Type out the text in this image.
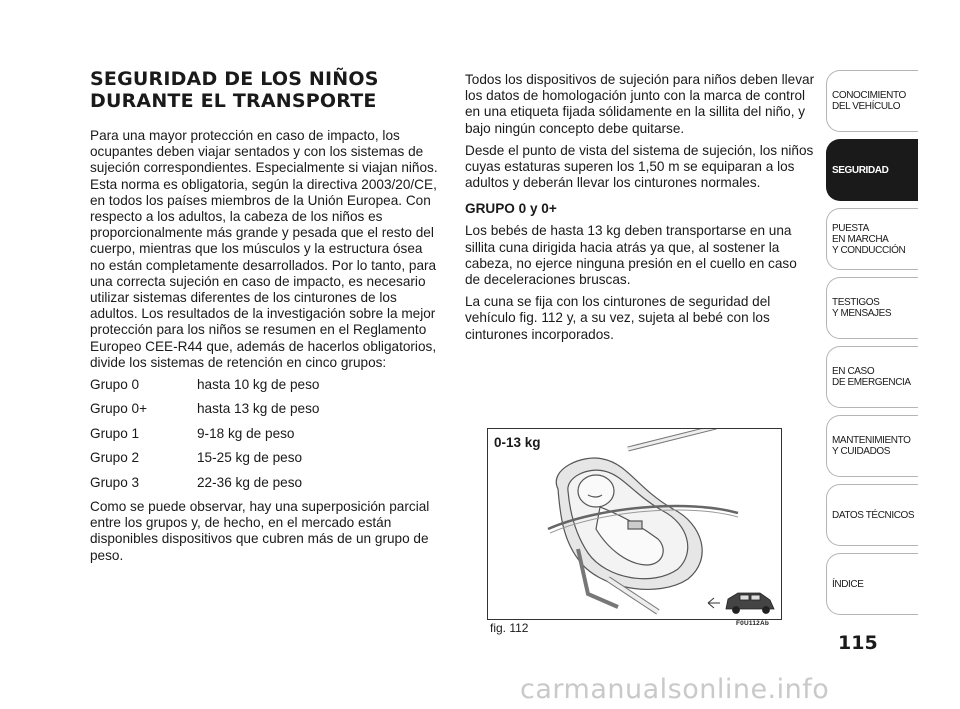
SEGURIDAD DE LOS NIÑOS
DURANTE EL TRANSPORTE

Para una mayor protección en caso de impacto, los ocupantes deben viajar sentados y con los sistemas de sujeción correspondientes. Especialmente si viajan niños. Esta norma es obligatoria, según la directiva 2003/20/CE, en todos los países miembros de la Unión Europea. Con respecto a los adultos, la cabeza de los niños es proporcionalmente más grande y pesada que el resto del cuerpo, mientras que los músculos y la estructura ósea no están completamente desarrollados. Por lo tanto, para una correcta sujeción en caso de impacto, es necesario utilizar sistemas diferentes de los cinturones de los adultos. Los resultados de la investigación sobre la mejor protección para los niños se resumen en el Reglamento Europeo CEE-R44 que, además de hacerlos obligatorios, divide los sistemas de retención en cinco grupos:

Grupo 0	hasta 10 kg de peso
Grupo 0+	hasta 13 kg de peso
Grupo 1	9-18 kg de peso
Grupo 2	15-25 kg de peso
Grupo 3	22-36 kg de peso

Como se puede observar, hay una superposición parcial entre los grupos y, de hecho, en el mercado están disponibles dispositivos que cubren más de un grupo de peso.

Todos los dispositivos de sujeción para niños deben llevar los datos de homologación junto con la marca de control en una etiqueta fijada sólidamente en la sillita del niño, y bajo ningún concepto debe quitarse.

Desde el punto de vista del sistema de sujeción, los niños cuyas estaturas superen los 1,50 m se equiparan a los adultos y deberán llevar los cinturones normales.

GRUPO 0 y 0+

Los bebés de hasta 13 kg deben transportarse en una sillita cuna dirigida hacia atrás ya que, al sostener la cabeza, no ejerce ninguna presión en el cuello en caso de deceleraciones bruscas.

La cuna se fija con los cinturones de seguridad del vehículo fig. 112 y, a su vez, sujeta al bebé con los cinturones incorporados.

0-13 kg
fig. 112	F0U112Ab
CONOCIMIENTO
DEL VEHÍCULO
SEGURIDAD
PUESTA
EN MARCHA
Y CONDUCCIÓN
TESTIGOS
Y MENSAJES
EN CASO
DE EMERGENCIA
MANTENIMIENTO
Y CUIDADOS
DATOS TÉCNICOS
ÍNDICE
115
carmanualsonline.info
